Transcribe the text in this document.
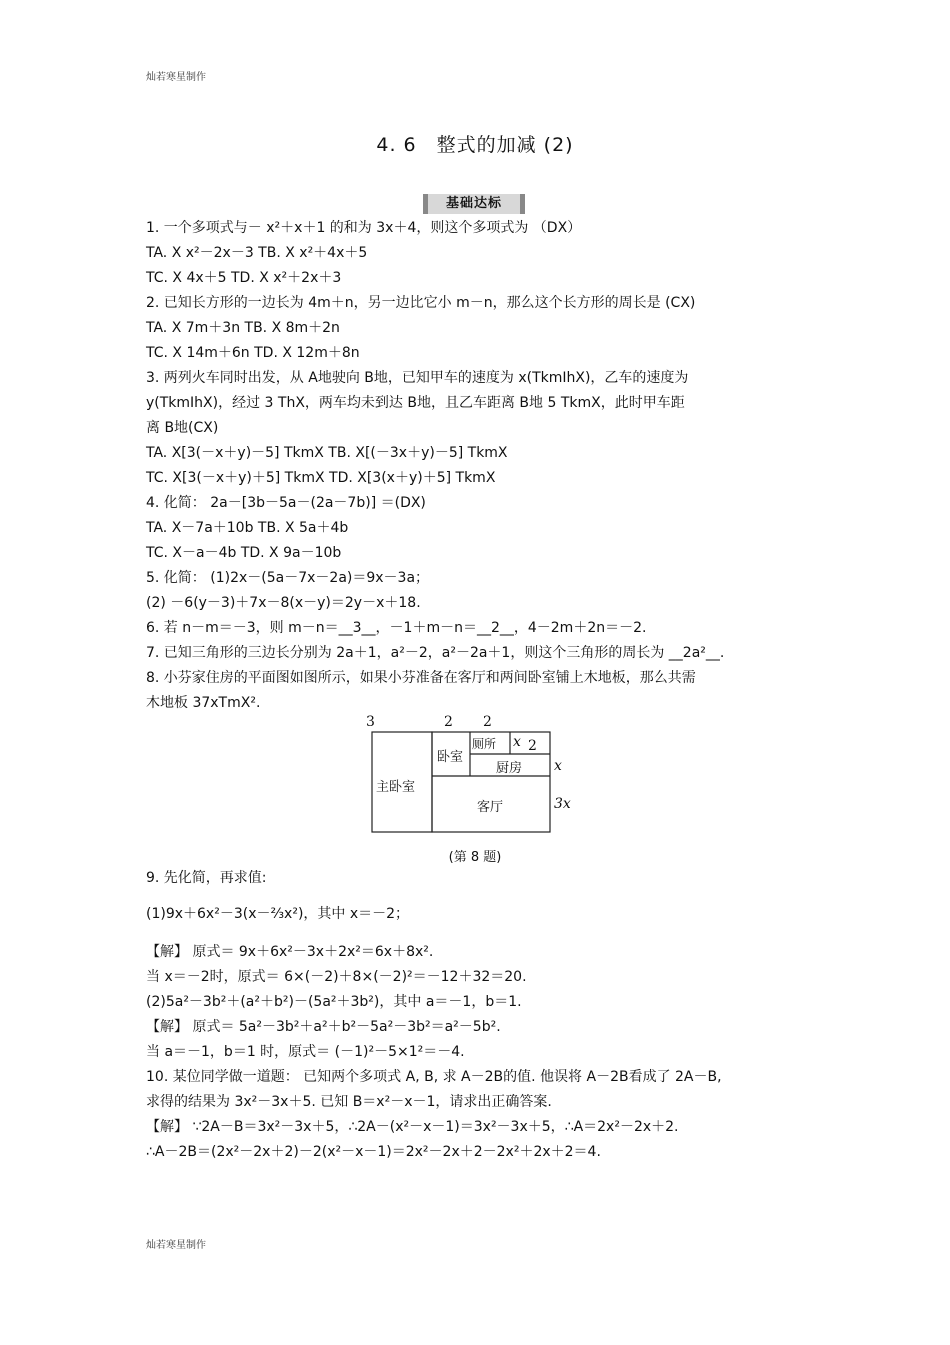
灿若寒星制作
4. 6　整式的加减 (2)
基础达标
1. 一个多项式与－ x²＋x＋1 的和为 3x＋4，则这个多项式为 （DX）
TA. X x²－2x－3 TB. X x²＋4x＋5
TC. X 4x＋5 TD. X x²＋2x＋3
2. 已知长方形的一边长为 4m＋n，另一边比它小 m－n，那么这个长方形的周长是 (CX)
TA. X 7m＋3n TB. X 8m＋2n
TC. X 14m＋6n TD. X 12m＋8n
3. 两列火车同时出发，从 A地驶向 B地，已知甲车的速度为 x(TkmⅠhX)，乙车的速度为
y(TkmⅠhX)，经过 3 ThX，两车均未到达 B地，且乙车距离 B地 5 TkmX，此时甲车距
离 B地(CX)
TA. X[3(－x＋y)－5] TkmX TB. X[(－3x＋y)－5] TkmX
TC. X[3(－x＋y)＋5] TkmX TD. X[3(x＋y)＋5] TkmX
4. 化简： 2a－[3b－5a－(2a－7b)] ＝(DX)
TA. X－7a＋10b TB. X 5a＋4b
TC. X－a－4b TD. X 9a－10b
5. 化简： (1)2x－(5a－7x－2a)＝9x－3a；
(2) －6(y－3)＋7x－8(x－y)＝2y－x＋18.
6. 若 n－m＝－3，则 m－n＝__3__，－1＋m－n＝__2__，4－2m＋2n＝－2.
7. 已知三角形的三边长分别为 2a＋1，a²－2，a²－2a＋1，则这个三角形的周长为 __2a²__.
8. 小芬家住房的平面图如图所示，如果小芬准备在客厅和两间卧室铺上木地板，那么共需
木地板 37xTmX².
3	2 2
x 2
x
3x
主卧室
卧室
厕所
厨房
客厅
(第 8 题)
9. 先化简，再求值:
(1)9x＋6x²－3(x－⅔x²)，其中 x＝－2；
【解】 原式＝ 9x＋6x²－3x＋2x²＝6x＋8x².
当 x＝－2时，原式＝ 6×(－2)＋8×(－2)²＝－12＋32＝20.
(2)5a²－3b²＋(a²＋b²)－(5a²＋3b²)，其中 a＝－1，b＝1.
【解】 原式＝ 5a²－3b²＋a²＋b²－5a²－3b²＝a²－5b².
当 a＝－1，b＝1 时，原式＝ (－1)²－5×1²＝－4.
10. 某位同学做一道题： 已知两个多项式 A, B, 求 A－2B的值. 他误将 A－2B看成了 2A－B,
求得的结果为 3x²－3x＋5. 已知 B＝x²－x－1，请求出正确答案.
【解】 ∵2A－B＝3x²－3x＋5，∴2A－(x²－x－1)＝3x²－3x＋5，∴A＝2x²－2x＋2.
∴A－2B＝(2x²－2x＋2)－2(x²－x－1)＝2x²－2x＋2－2x²＋2x＋2＝4.
灿若寒星制作
